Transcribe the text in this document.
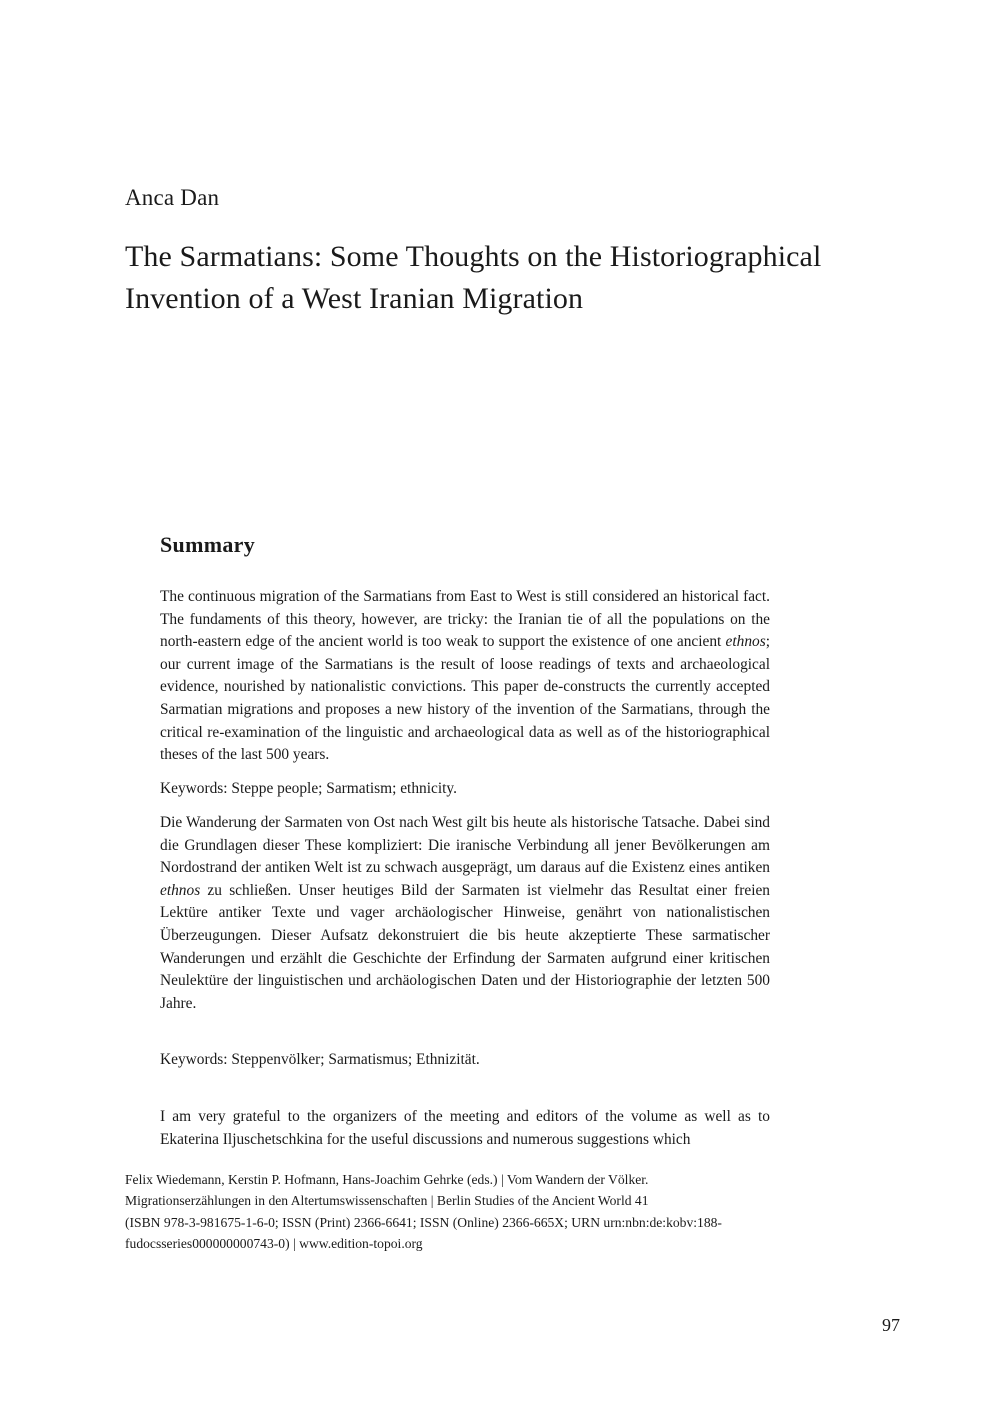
Anca Dan
The Sarmatians: Some Thoughts on the Historiographical Invention of a West Iranian Migration
Summary

The continuous migration of the Sarmatians from East to West is still considered an historical fact. The fundaments of this theory, however, are tricky: the Iranian tie of all the populations on the north-eastern edge of the ancient world is too weak to support the existence of one ancient ethnos; our current image of the Sarmatians is the result of loose readings of texts and archaeological evidence, nourished by nationalistic convictions. This paper de-constructs the currently accepted Sarmatian migrations and proposes a new history of the invention of the Sarmatians, through the critical re-examination of the linguistic and archaeological data as well as of the historiographical theses of the last 500 years.

Keywords: Steppe people; Sarmatism; ethnicity.

Die Wanderung der Sarmaten von Ost nach West gilt bis heute als historische Tatsache. Dabei sind die Grundlagen dieser These kompliziert: Die iranische Verbindung all jener Bevölkerungen am Nordostrand der antiken Welt ist zu schwach ausgeprägt, um daraus auf die Existenz eines antiken ethnos zu schließen. Unser heutiges Bild der Sarmaten ist vielmehr das Resultat einer freien Lektüre antiker Texte und vager archäologischer Hinweise, genährt von nationalistischen Überzeugungen. Dieser Aufsatz dekonstruiert die bis heute akzeptierte These sarmatischer Wanderungen und erzählt die Geschichte der Erfindung der Sarmaten aufgrund einer kritischen Neulektüre der linguistischen und archäologischen Daten und der Historiographie der letzten 500 Jahre.

Keywords: Steppenvölker; Sarmatismus; Ethnizität.

I am very grateful to the organizers of the meeting and editors of the volume as well as to Ekaterina Iljuschetschkina for the useful discussions and numerous suggestions which

Felix Wiedemann, Kerstin P. Hofmann, Hans-Joachim Gehrke (eds.) | Vom Wandern der Völker.
Migrationserzählungen in den Altertumswissenschaften | Berlin Studies of the Ancient World 41
(ISBN 978-3-981675-1-6-0; ISSN (Print) 2366-6641; ISSN (Online) 2366-665X; URN urn:nbn:de:kobv:188-
fudocsseries000000000743-0) | www.edition-topoi.org
97
